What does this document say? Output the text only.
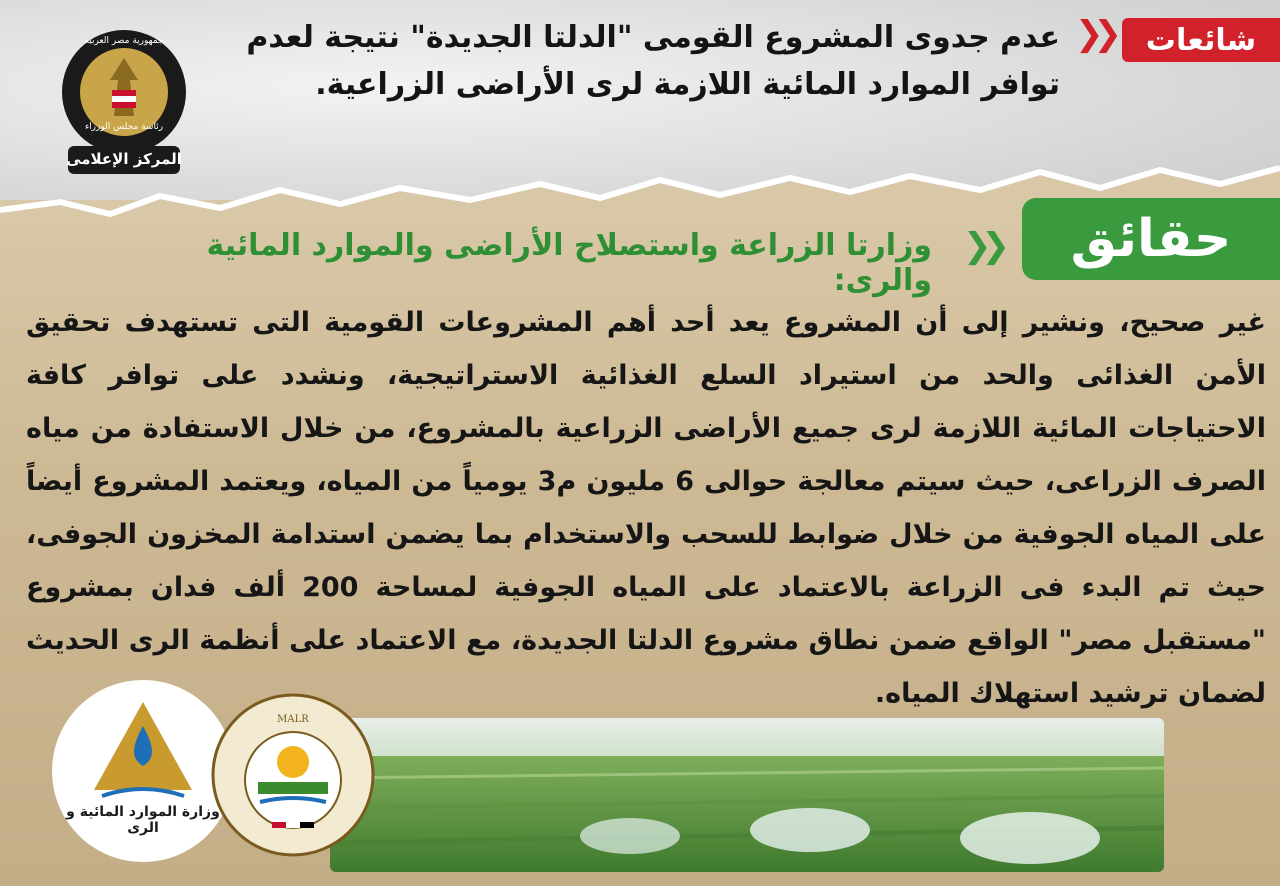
شائعات
❯❯
عدم جدوى المشروع القومى "الدلتا الجديدة" نتيجة لعدم توافر الموارد المائية اللازمة لرى الأراضى الزراعية.
المركز الإعلامى
جمهورية مصر العربية
رئاسة مجلس الوزراء
حقائق
❯❯
وزارتا الزراعة واستصلاح الأراضى والموارد المائية والرى:
غير صحيح، ونشير إلى أن المشروع يعد أحد أهم المشروعات القومية التى تستهدف تحقيق الأمن الغذائى والحد من استيراد السلع الغذائية الاستراتيجية، ونشدد على توافر كافة الاحتياجات المائية اللازمة لرى جميع الأراضى الزراعية بالمشروع، من خلال الاستفادة من مياه الصرف الزراعى، حيث سيتم معالجة حوالى 6 مليون م3 يومياً من المياه، ويعتمد المشروع أيضاً على المياه الجوفية من خلال ضوابط للسحب والاستخدام بما يضمن استدامة المخزون الجوفى، حيث تم البدء فى الزراعة بالاعتماد على المياه الجوفية لمساحة 200 ألف فدان بمشروع "مستقبل مصر" الواقع ضمن نطاق مشروع الدلتا الجديدة، مع الاعتماد على أنظمة الرى الحديث لضمان ترشيد استهلاك المياه.
وزارة الموارد المائية و الرى
MALR
